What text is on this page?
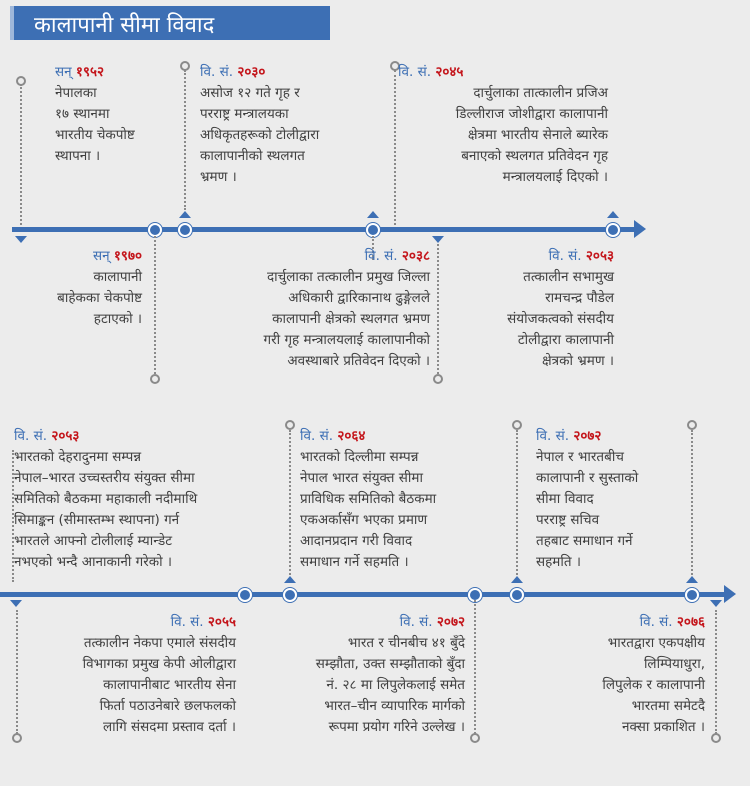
कालापानी सीमा विवाद
सन् १९५२
नेपालका
१७ स्थानमा
भारतीय चेकपोष्ट
स्थापना ।
सन् १९७०
कालापानी
बाहेकका चेकपोष्ट
हटाएको ।
वि. सं. २०३०
असोज १२ गते गृह र
परराष्ट्र मन्त्रालयका
अधिकृतहरूको टोलीद्वारा
कालापानीको स्थलगत
भ्रमण ।
वि. सं. २०३८
दार्चुलाका तत्कालीन प्रमुख जिल्ला
अधिकारी द्वारिकानाथ ढुङ्गेलले
कालापानी क्षेत्रको स्थलगत भ्रमण
गरी गृह मन्त्रालयलाई कालापानीको
अवस्थाबारे प्रतिवेदन दिएको ।
वि. सं. २०४५
दार्चुलाका तात्कालीन प्रजिअ
डिल्लीराज जोशीद्वारा कालापानी
क्षेत्रमा भारतीय सेनाले ब्यारेक
बनाएको स्थलगत प्रतिवेदन गृह
मन्त्रालयलाई दिएको ।
वि. सं. २०५३
तत्कालीन सभामुख
रामचन्द्र पौडेल
संयोजकत्वको संसदीय
टोलीद्वारा कालापानी
क्षेत्रको भ्रमण ।
वि. सं. २०५३
भारतको देहरादुनमा सम्पन्न
नेपाल–भारत उच्चस्तरीय संयुक्त सीमा
समितिको बैठकमा महाकाली नदीमाथि
सिमाङ्कन (सीमास्तम्भ स्थापना) गर्न
भारतले आफ्नो टोलीलाई म्यान्डेट
नभएको भन्दै आनाकानी गरेको ।
वि. सं. २०५५
तत्कालीन नेकपा एमाले संसदीय
विभागका प्रमुख केपी ओलीद्वारा
कालापानीबाट भारतीय सेना
फिर्ता पठाउनेबारे छलफलको
लागि संसदमा प्रस्ताव दर्ता ।
वि. सं. २०६४
भारतको दिल्लीमा सम्पन्न
नेपाल भारत संयुक्त सीमा
प्राविधिक समितिको बैठकमा
एकअर्कासँग भएका प्रमाण
आदानप्रदान गरी विवाद
समाधान गर्ने सहमति ।
वि. सं. २०७२
भारत र चीनबीच ४१ बुँदे
सम्झौता, उक्त सम्झौताको बुँदा
नं. २८ मा लिपुलेकलाई समेत
भारत–चीन व्यापारिक मार्गको
रूपमा प्रयोग गरिने उल्लेख ।
वि. सं. २०७२
नेपाल र भारतबीच
कालापानी र सुस्ताको
सीमा विवाद
परराष्ट्र सचिव
तहबाट समाधान गर्ने
सहमति ।
वि. सं. २०७६
भारतद्वारा एकपक्षीय
लिम्पियाधुरा,
लिपुलेक र कालापानी
भारतमा समेटदै
नक्सा प्रकाशित ।
